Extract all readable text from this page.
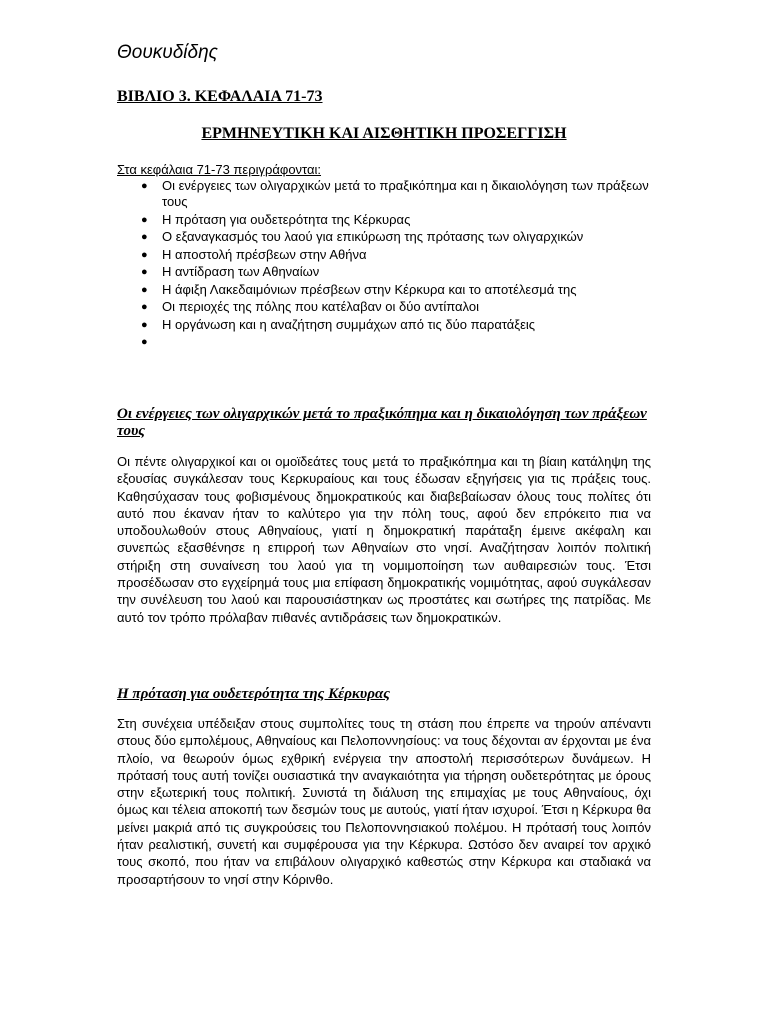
Θουκυδίδης
ΒΙΒΛΙΟ 3. ΚΕΦΑΛΑΙΑ 71-73
ΕΡΜΗΝΕΥΤΙΚΗ ΚΑΙ ΑΙΣΘΗΤΙΚΗ ΠΡΟΣΕΓΓΙΣΗ
Στα κεφάλαια 71-73 περιγράφονται:
● Οι ενέργειες των ολιγαρχικών μετά το πραξικόπημα και η δικαιολόγηση των πράξεων τους
● Η πρόταση για ουδετερότητα της Κέρκυρας
● Ο εξαναγκασμός του λαού για επικύρωση της πρότασης των ολιγαρχικών
● Η αποστολή πρέσβεων στην Αθήνα
● Η αντίδραση των Αθηναίων
● Η άφιξη Λακεδαιμόνιων πρέσβεων στην Κέρκυρα και το αποτέλεσμά της
● Οι περιοχές της πόλης που κατέλαβαν οι δύο αντίπαλοι
● Η οργάνωση και η αναζήτηση συμμάχων από τις δύο παρατάξεις
●
Οι ενέργειες των ολιγαρχικών μετά το πραξικόπημα και η δικαιολόγηση των πράξεων τους

Οι πέντε ολιγαρχικοί και οι ομοϊδεάτες τους μετά το πραξικόπημα και τη βίαιη κατάληψη της εξουσίας συγκάλεσαν τους Κερκυραίους και τους έδωσαν εξηγήσεις για τις πράξεις τους. Καθησύχασαν τους φοβισμένους δημοκρατικούς και διαβεβαίωσαν όλους τους πολίτες ότι αυτό που έκαναν ήταν το καλύτερο για την πόλη τους, αφού δεν επρόκειτο πια να υποδουλωθούν στους Αθηναίους, γιατί η δημοκρατική παράταξη έμεινε ακέφαλη και συνεπώς εξασθένησε η επιρροή των Αθηναίων στο νησί. Αναζήτησαν λοιπόν πολιτική στήριξη στη συναίνεση του λαού για τη νομιμοποίηση των αυθαιρεσιών τους. Έτσι προσέδωσαν στο εγχείρημά τους μια επίφαση δημοκρατικής νομιμότητας, αφού συγκάλεσαν την συνέλευση του λαού και παρουσιάστηκαν ως προστάτες και σωτήρες της πατρίδας. Με αυτό τον τρόπο πρόλαβαν πιθανές αντιδράσεις των δημοκρατικών.

Η πρόταση για ουδετερότητα της Κέρκυρας

Στη συνέχεια υπέδειξαν στους συμπολίτες τους τη στάση που έπρεπε να τηρούν απέναντι στους δύο εμπολέμους, Αθηναίους και Πελοποννησίους: να τους δέχονται αν έρχονται με ένα πλοίο, να θεωρούν όμως εχθρική ενέργεια την αποστολή περισσότερων δυνάμεων. Η πρότασή τους αυτή τονίζει ουσιαστικά την αναγκαιότητα για τήρηση ουδετερότητας με όρους στην εξωτερική τους πολιτική. Συνιστά τη διάλυση της επιμαχίας με τους Αθηναίους, όχι όμως και τέλεια αποκοπή των δεσμών τους με αυτούς, γιατί ήταν ισχυροί. Έτσι η Κέρκυρα θα μείνει μακριά από τις συγκρούσεις του Πελοποννησιακού πολέμου. Η πρότασή τους λοιπόν ήταν ρεαλιστική, συνετή και συμφέρουσα για την Κέρκυρα. Ωστόσο δεν αναιρεί τον αρχικό τους σκοπό, που ήταν να επιβάλουν ολιγαρχικό καθεστώς στην Κέρκυρα και σταδιακά να προσαρτήσουν το νησί στην Κόρινθο.
